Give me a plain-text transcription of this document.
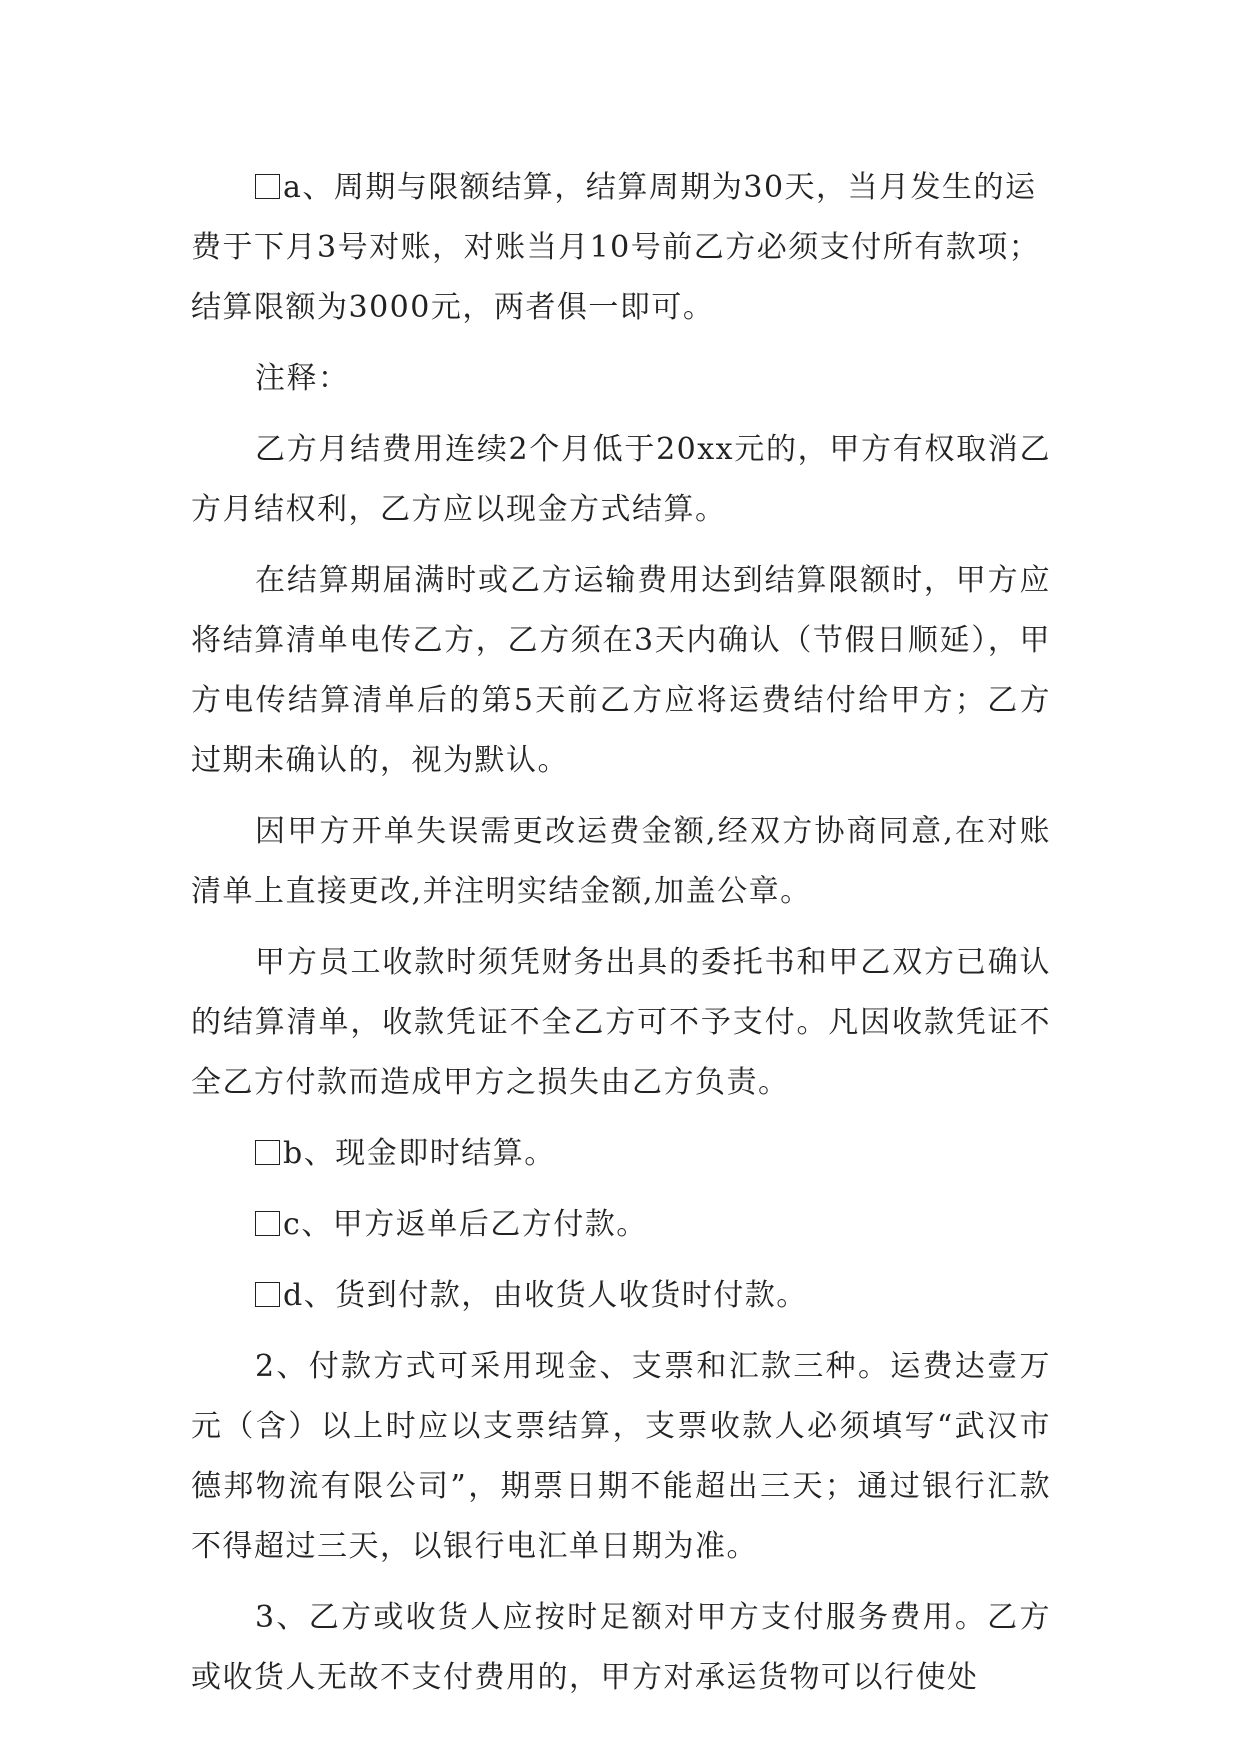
a、周期与限额结算，结算周期为30天，当月发生的运费于下月3号对账，对账当月10号前乙方必须支付所有款项；结算限额为3000元，两者俱一即可。

注释：

乙方月结费用连续2个月低于20xx元的，甲方有权取消乙方月结权利，乙方应以现金方式结算。

在结算期届满时或乙方运输费用达到结算限额时，甲方应将结算清单电传乙方，乙方须在3天内确认（节假日顺延），甲方电传结算清单后的第5天前乙方应将运费结付给甲方；乙方过期未确认的，视为默认。

因甲方开单失误需更改运费金额,经双方协商同意,在对账清单上直接更改,并注明实结金额,加盖公章。

甲方员工收款时须凭财务出具的委托书和甲乙双方已确认的结算清单，收款凭证不全乙方可不予支付。凡因收款凭证不全乙方付款而造成甲方之损失由乙方负责。

b、现金即时结算。

c、甲方返单后乙方付款。

d、货到付款，由收货人收货时付款。

2、付款方式可采用现金、支票和汇款三种。运费达壹万元（含）以上时应以支票结算，支票收款人必须填写“武汉市德邦物流有限公司”，期票日期不能超出三天；通过银行汇款不得超过三天，以银行电汇单日期为准。

3、乙方或收货人应按时足额对甲方支付服务费用。乙方或收货人无故不支付费用的，甲方对承运货物可以行使处
